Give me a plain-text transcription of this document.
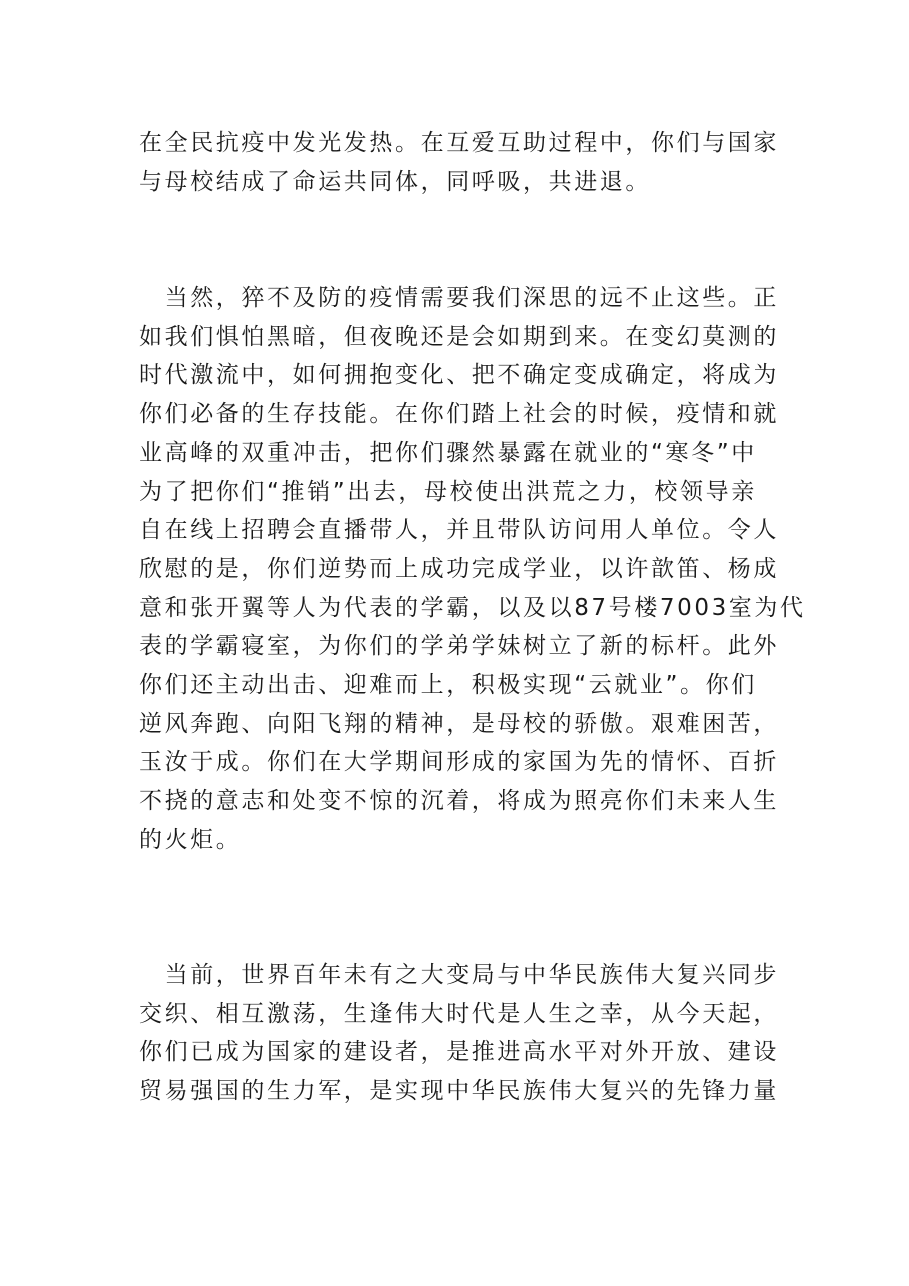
在全民抗疫中发光发热。在互爱互助过程中，你们与国家
与母校结成了命运共同体，同呼吸，共进退。
　当然，猝不及防的疫情需要我们深思的远不止这些。正
如我们惧怕黑暗，但夜晚还是会如期到来。在变幻莫测的
时代激流中，如何拥抱变化、把不确定变成确定，将成为
你们必备的生存技能。在你们踏上社会的时候，疫情和就
业高峰的双重冲击，把你们骤然暴露在就业的“寒冬”中
为了把你们“推销”出去，母校使出洪荒之力，校领导亲
自在线上招聘会直播带人，并且带队访问用人单位。令人
欣慰的是，你们逆势而上成功完成学业，以许歆笛、杨成
意和张开翼等人为代表的学霸，以及以87号楼7003室为代
表的学霸寝室，为你们的学弟学妹树立了新的标杆。此外
你们还主动出击、迎难而上，积极实现“云就业”。你们
逆风奔跑、向阳飞翔的精神，是母校的骄傲。艰难困苦，
玉汝于成。你们在大学期间形成的家国为先的情怀、百折
不挠的意志和处变不惊的沉着，将成为照亮你们未来人生
的火炬。
　当前，世界百年未有之大变局与中华民族伟大复兴同步
交织、相互激荡，生逢伟大时代是人生之幸，从今天起，
你们已成为国家的建设者，是推进高水平对外开放、建设
贸易强国的生力军，是实现中华民族伟大复兴的先锋力量
